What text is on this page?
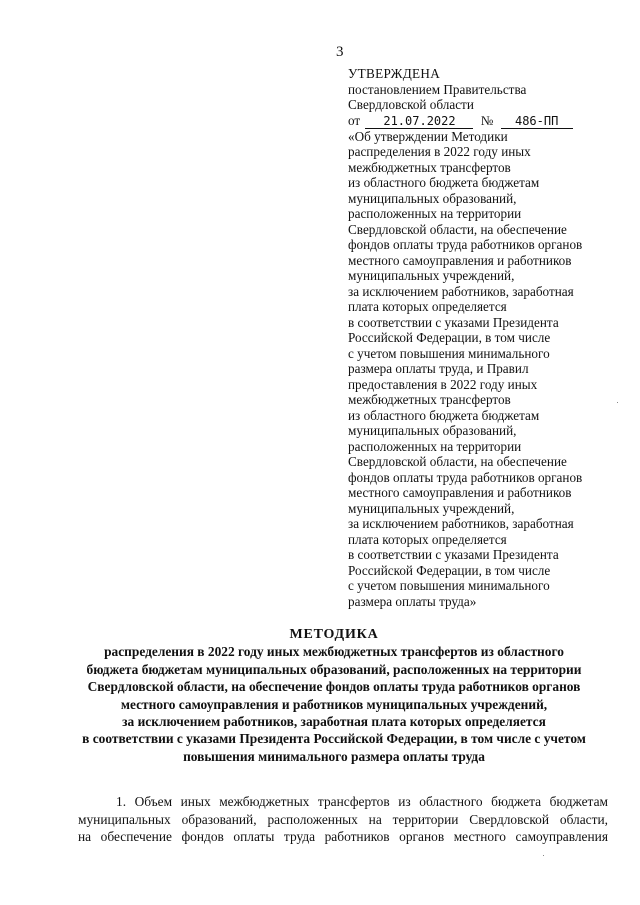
3
УТВЕРЖДЕНА
постановлением Правительства
Свердловской области
от 21.07.2022 № 486-ПП
«Об утверждении Методики
распределения в 2022 году иных
межбюджетных трансфертов
из областного бюджета бюджетам
муниципальных образований,
расположенных на территории
Свердловской области, на обеспечение
фондов оплаты труда работников органов
местного самоуправления и работников
муниципальных учреждений,
за исключением работников, заработная
плата которых определяется
в соответствии с указами Президента
Российской Федерации, в том числе
с учетом повышения минимального
размера оплаты труда, и Правил
предоставления в 2022 году иных
межбюджетных трансфертов
из областного бюджета бюджетам
муниципальных образований,
расположенных на территории
Свердловской области, на обеспечение
фондов оплаты труда работников органов
местного самоуправления и работников
муниципальных учреждений,
за исключением работников, заработная
плата которых определяется
в соответствии с указами Президента
Российской Федерации, в том числе
с учетом повышения минимального
размера оплаты труда»
МЕТОДИКА
распределения в 2022 году иных межбюджетных трансфертов из областного
бюджета бюджетам муниципальных образований, расположенных на территории
Свердловской области, на обеспечение фондов оплаты труда работников органов
местного самоуправления и работников муниципальных учреждений,
за исключением работников, заработная плата которых определяется
в соответствии с указами Президента Российской Федерации, в том числе с учетом
повышения минимального размера оплаты труда
1. Объем иных межбюджетных трансфертов из областного бюджета бюджетам
муниципальных образований, расположенных на территории Свердловской области,
на обеспечение фондов оплаты труда работников органов местного самоуправления
